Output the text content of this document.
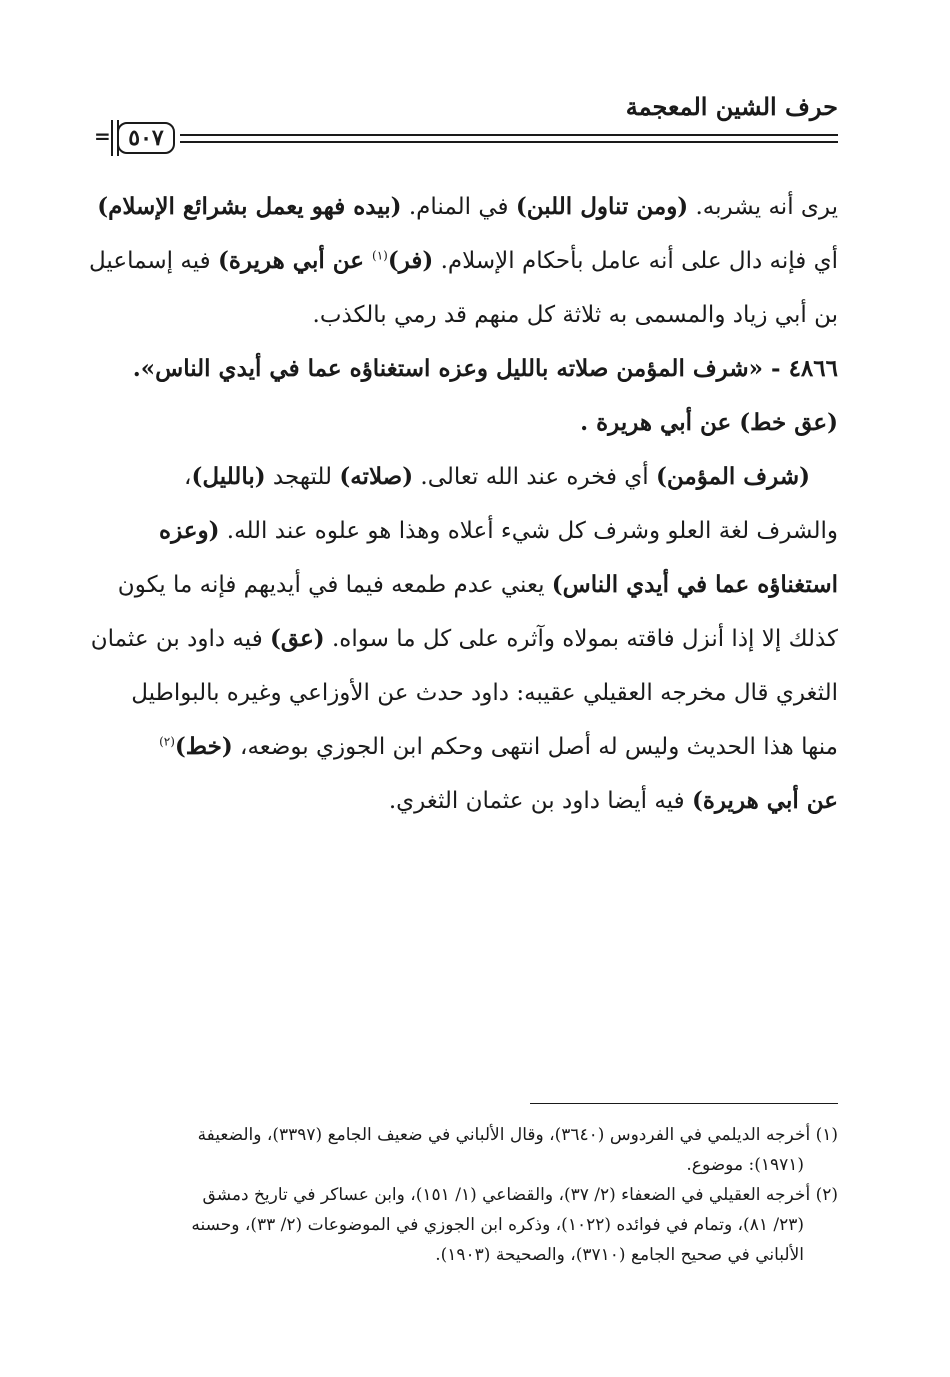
حرف الشين المعجمة
= ٥٠٧

يرى أنه يشربه. (ومن تناول اللبن) في المنام. (بيده فهو يعمل بشرائع الإسلام)

أي فإنه دال على أنه عامل بأحكام الإسلام. (فر)$^{(١)}$ عن أبي هريرة) فيه إسماعيل

بن أبي زياد والمسمى به ثلاثة كل منهم قد رمي بالكذب.

٤٨٦٦ - «شرف المؤمن صلاته بالليل وعزه استغناؤه عما في أيدي الناس».

(عق خط) عن أبي هريرة .

(شرف المؤمن) أي فخره عند الله تعالى. (صلاته) للتهجد (بالليل)،

والشرف لغة العلو وشرف كل شيء أعلاه وهذا هو علوه عند الله. (وعزه

استغناؤه عما في أيدي الناس) يعني عدم طمعه فيما في أيديهم فإنه ما يكون

كذلك إلا إذا أنزل فاقته بمولاه وآثره على كل ما سواه. (عق) فيه داود بن عثمان

الثغري قال مخرجه العقيلي عقيبه: داود حدث عن الأوزاعي وغيره بالبواطيل

منها هذا الحديث وليس له أصل انتهى وحكم ابن الجوزي بوضعه، (خط)$^{(٢)}$

عن أبي هريرة) فيه أيضا داود بن عثمان الثغري.

(١) أخرجه الديلمي في الفردوس (٣٦٤٠)، وقال الألباني في ضعيف الجامع (٣٣٩٧)، والضعيفة

(١٩٧١): موضوع.

(٢) أخرجه العقيلي في الضعفاء (٢/ ٣٧)، والقضاعي (١/ ١٥١)، وابن عساكر في تاريخ دمشق

(٢٣/ ٨١)، وتمام في فوائده (١٠٢٢)، وذكره ابن الجوزي في الموضوعات (٢/ ٣٣)، وحسنه

الألباني في صحيح الجامع (٣٧١٠)، والصحيحة (١٩٠٣).
